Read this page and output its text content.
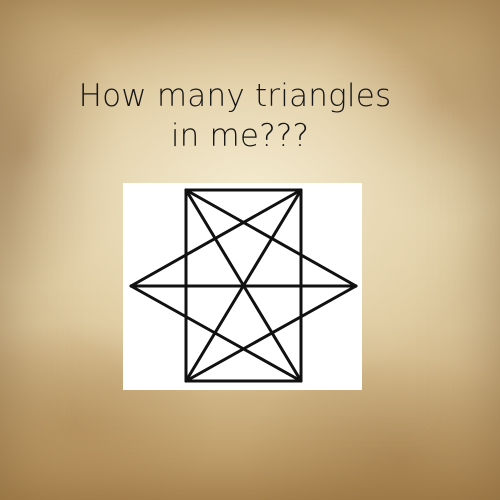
How many triangles
in me???
